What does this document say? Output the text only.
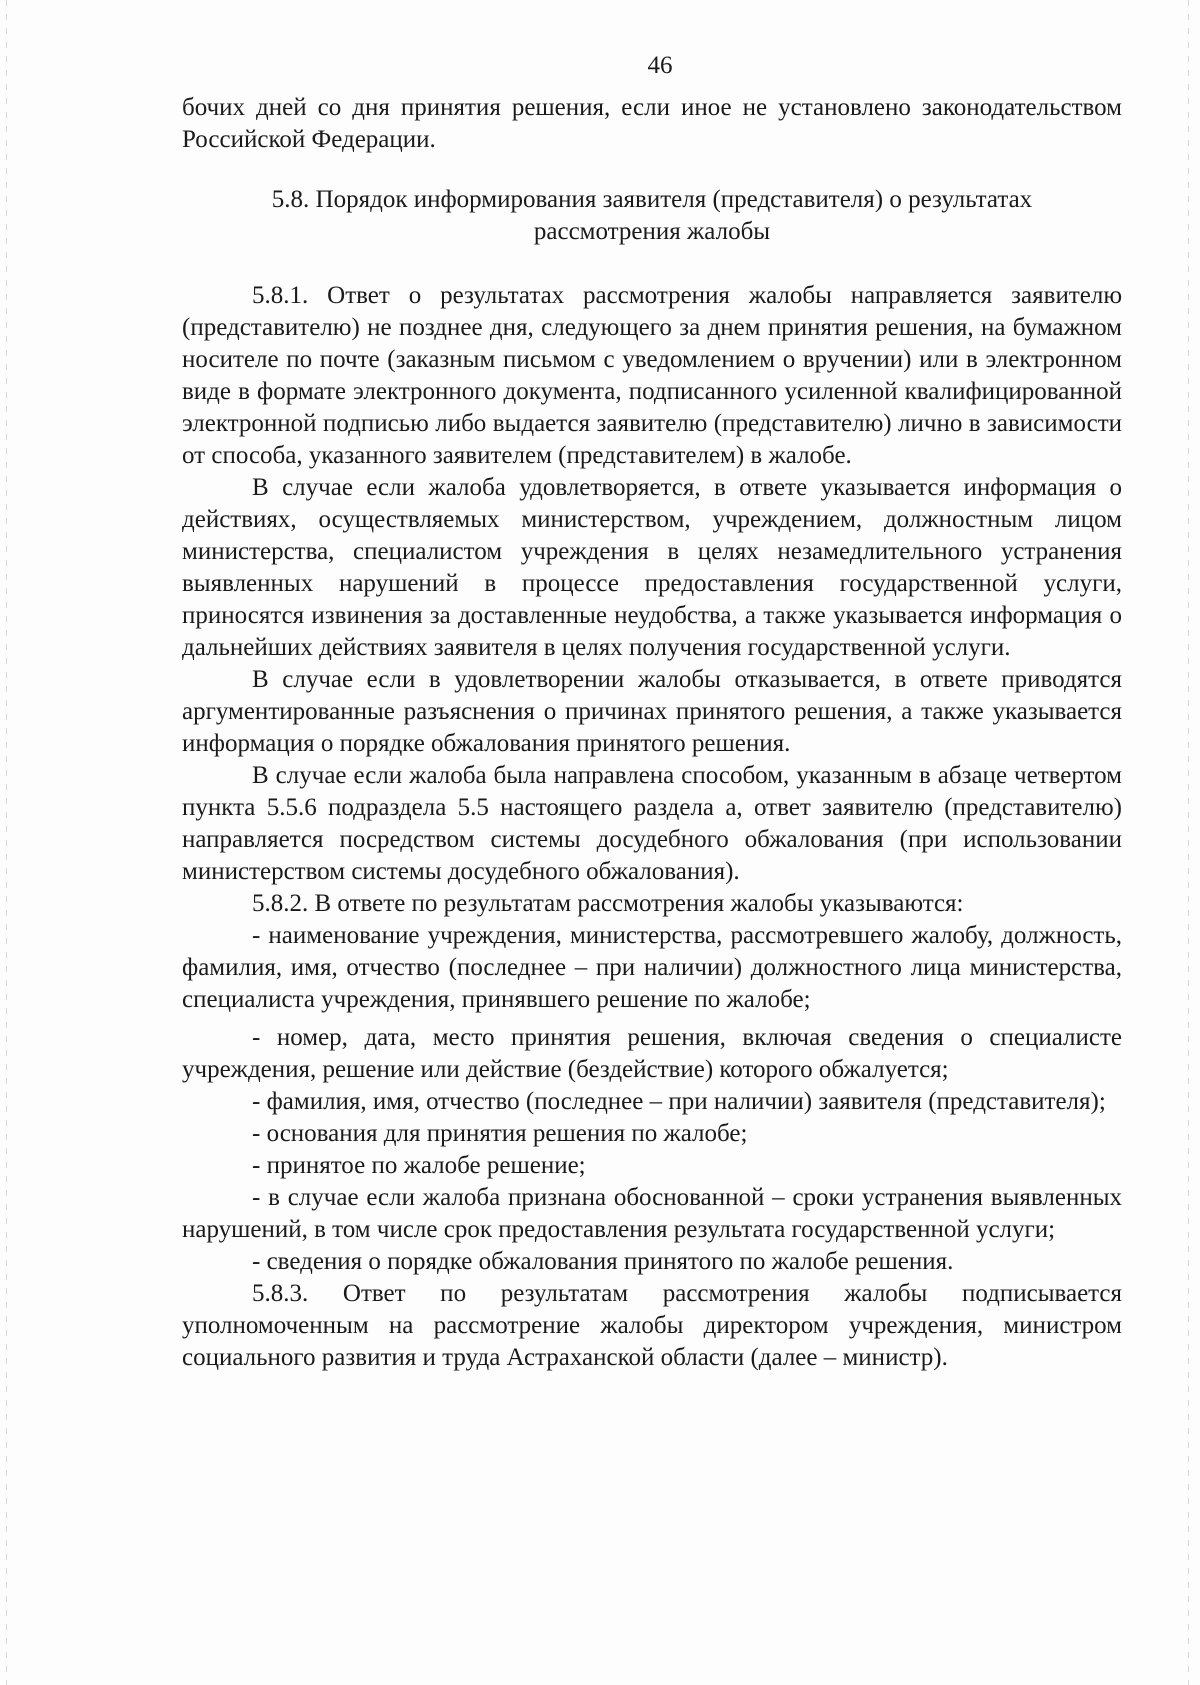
46

бочих дней со дня принятия решения, если иное не установлено законодательством Российской Федерации.

5.8. Порядок информирования заявителя (представителя) о результатах
рассмотрения жалобы

5.8.1. Ответ о результатах рассмотрения жалобы направляется заявителю (представителю) не позднее дня, следующего за днем принятия решения, на бумажном носителе по почте (заказным письмом с уведомлением о вручении) или в электронном виде в формате электронного документа, подписанного усиленной квалифицированной электронной подписью либо выдается заявителю (представителю) лично в зависимости от способа, указанного заявителем (представителем) в жалобе.

В случае если жалоба удовлетворяется, в ответе указывается информация о действиях, осуществляемых министерством, учреждением, должностным лицом министерства, специалистом учреждения в целях незамедлительного устранения выявленных нарушений в процессе предоставления государственной услуги, приносятся извинения за доставленные неудобства, а также указывается информация о дальнейших действиях заявителя в целях получения государственной услуги.

В случае если в удовлетворении жалобы отказывается, в ответе приводятся аргументированные разъяснения о причинах принятого решения, а также указывается информация о порядке обжалования принятого решения.

В случае если жалоба была направлена способом, указанным в абзаце четвертом пункта 5.5.6 подраздела 5.5 настоящего раздела а, ответ заявителю (представителю) направляется посредством системы досудебного обжалования (при использовании министерством системы досудебного обжалования).

5.8.2. В ответе по результатам рассмотрения жалобы указываются:

- наименование учреждения, министерства, рассмотревшего жалобу, должность, фамилия, имя, отчество (последнее – при наличии) должностного лица министерства, специалиста учреждения, принявшего решение по жалобе;

- номер, дата, место принятия решения, включая сведения о специалисте учреждения, решение или действие (бездействие) которого обжалуется;

- фамилия, имя, отчество (последнее – при наличии) заявителя (представителя);

- основания для принятия решения по жалобе;

- принятое по жалобе решение;

- в случае если жалоба признана обоснованной – сроки устранения выявленных нарушений, в том числе срок предоставления результата государственной услуги;

- сведения о порядке обжалования принятого по жалобе решения.

5.8.3. Ответ по результатам рассмотрения жалобы подписывается уполномоченным на рассмотрение жалобы директором учреждения, министром социального развития и труда Астраханской области (далее – министр).
